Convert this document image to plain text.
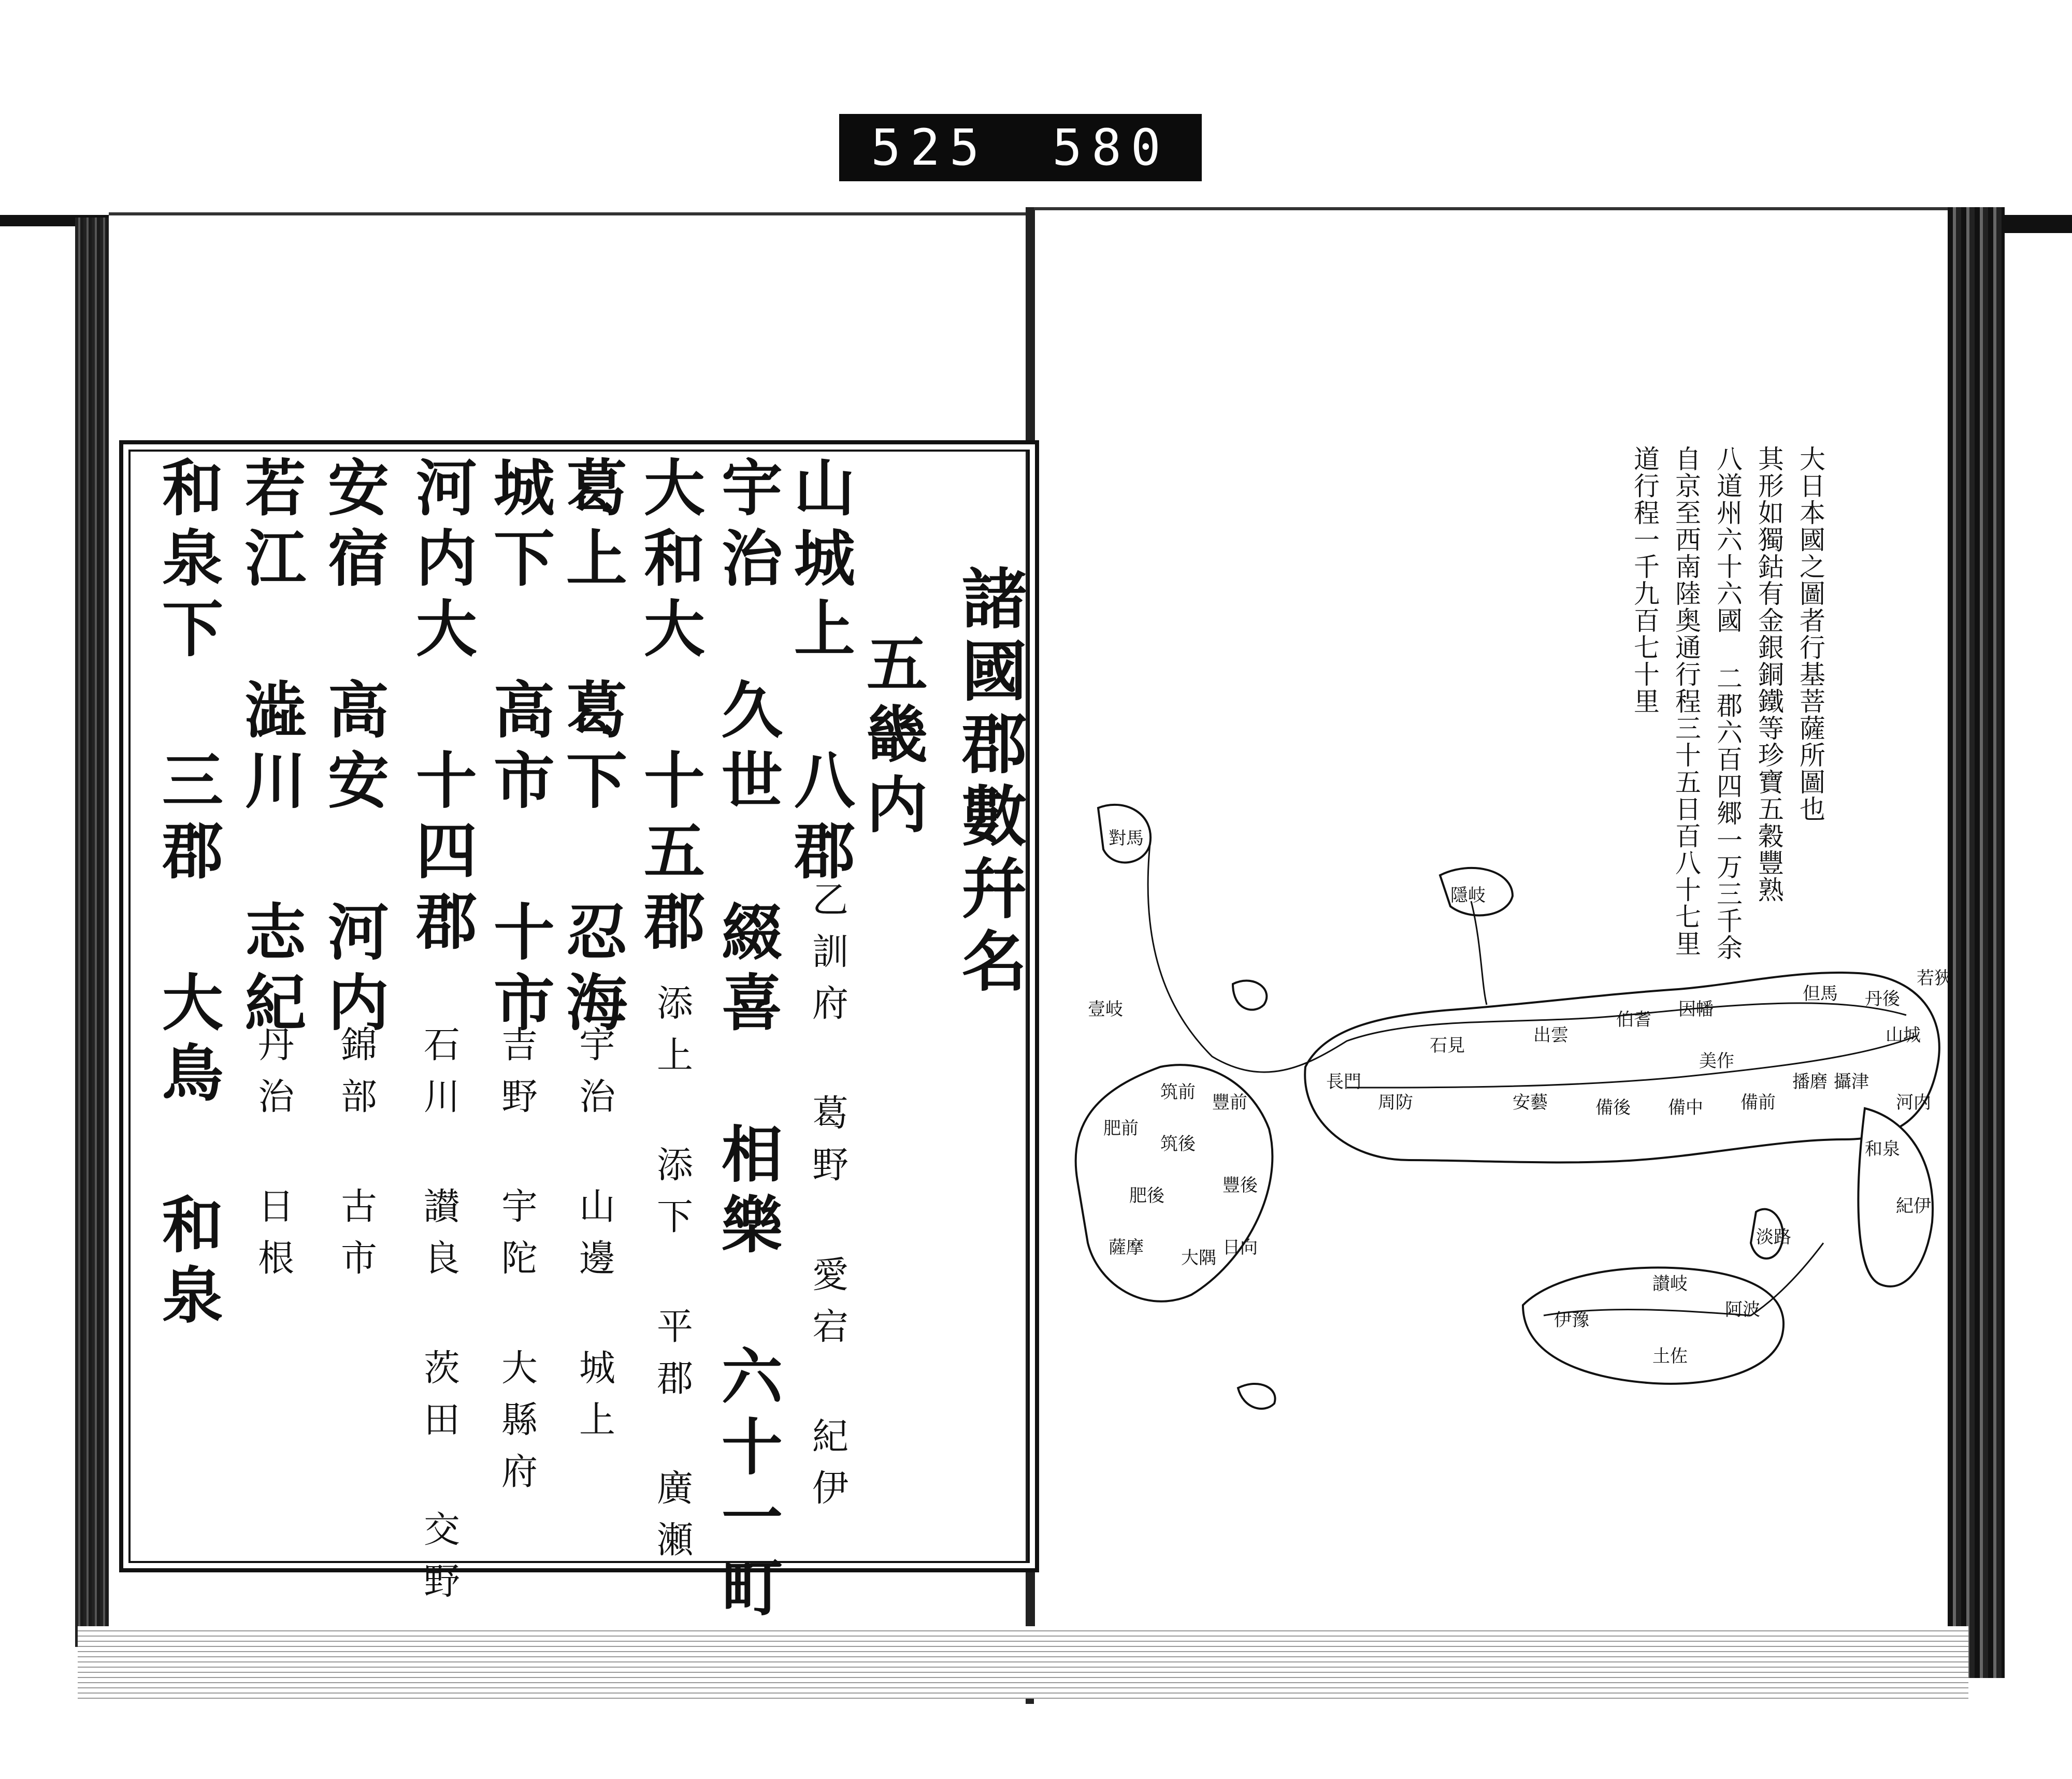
525 580
諸國郡數幷名
山城上 八郡 五畿内
宇治 久世 綴喜 相樂 六十一町
大和大 十五郡
葛上 葛下 忍海
城下 高市 十市
河内大 十四郡
安宿 高安 河内
若江 澁川 志紀
和泉下 三郡 大鳥 和泉	乙訓府 葛野 愛宕 紀伊
添上 添下 平郡 廣瀬
宇治 山邊 城上
吉野 宇陀 大縣府
石川 讃良 茨田 交野
錦部 古市
丹治 日根
大日本國之圖者行基菩薩所圖也
其形如獨鈷有金銀銅鐵等珍寶五穀豐熟
八道州六十六國 二郡六百四郷一万三千余
自京至西南陸奥通行程三十五日百八十七里
道行程一千九百七十里
山城
攝津
河内
和泉
紀伊
淡路
阿波
讃岐
伊豫
土佐
周防
長門
豐前
豐後
筑前
筑後
肥前
肥後
日向
大隅
薩摩
壹岐
對馬
隱岐
丹後
但馬
因幡
伯耆
出雲
石見
美作
備前
備中
備後
安藝
播磨
若狹
